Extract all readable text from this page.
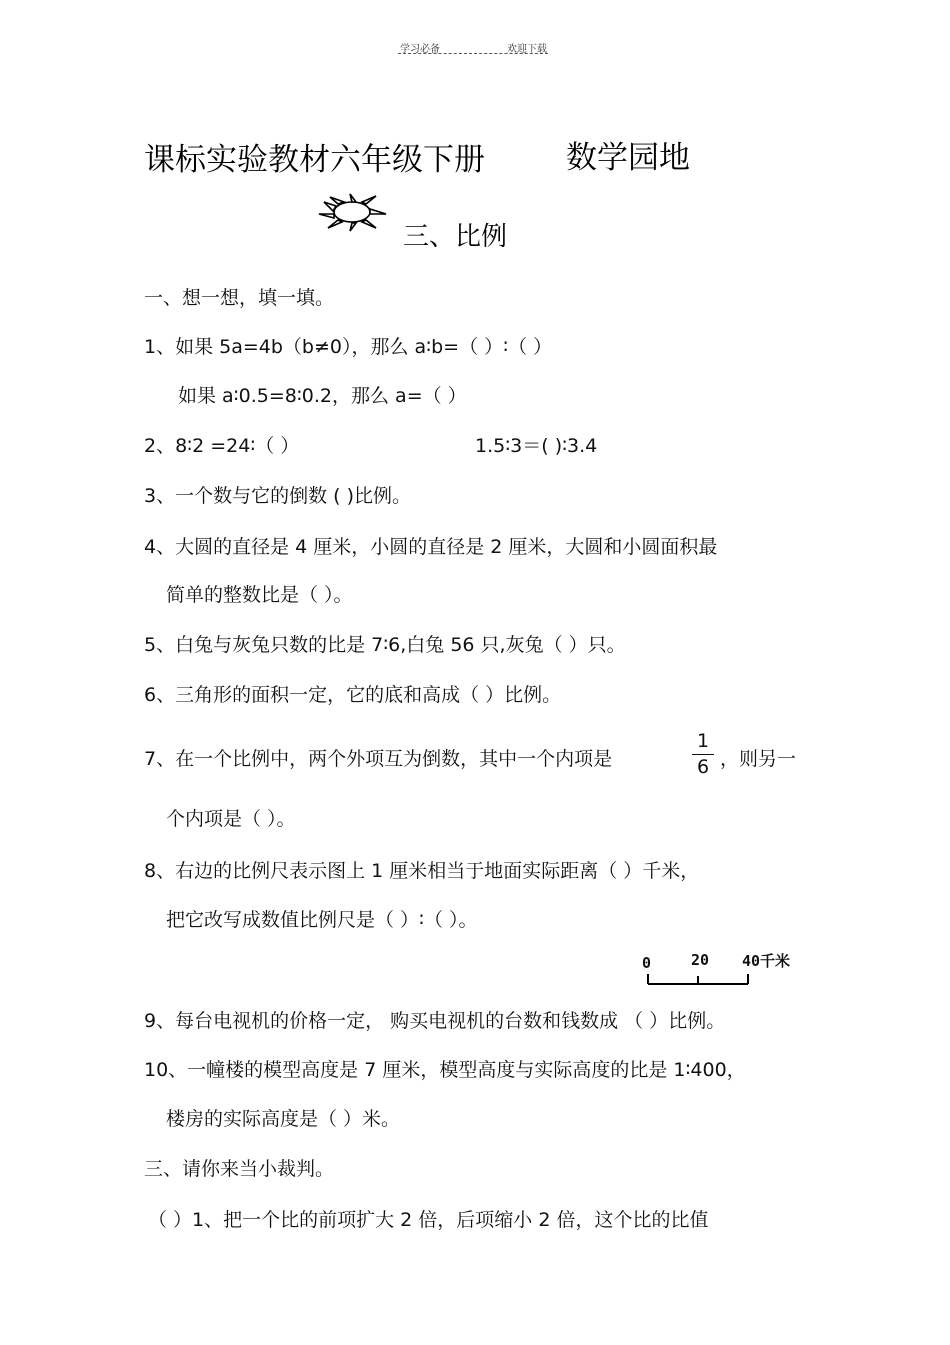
学习必备	欢迎下载
课标实验教材六年级下册	数学园地
三、比例
一、想一想，填一填。
1、如果 5a=4b（b≠0），那么 a∶b=（ ）∶（ ）
如果 a∶0.5=8∶0.2，那么 a=（ ）
2、8∶2 =24∶（ ）	1.5∶3＝( )∶3.4
3、一个数与它的倒数 ( )比例。
4、大圆的直径是 4 厘米，小圆的直径是 2 厘米，大圆和小圆面积最
简单的整数比是（ ）。
5、白兔与灰兔只数的比是 7∶6,白兔 56 只,灰兔（ ）只。
6、三角形的面积一定，它的底和高成（ ）比例。
7、在一个比例中，两个外项互为倒数，其中一个内项是
1
6 ，则另一
个内项是（ ）。
8、右边的比例尺表示图上 1 厘米相当于地面实际距离（ ）千米，
把它改写成数值比例尺是（ ）∶（ ）。
0	20 40千米
9、每台电视机的价格一定， 购买电视机的台数和钱数成 （ ）比例。
10、一幢楼的模型高度是 7 厘米，模型高度与实际高度的比是 1∶400，
楼房的实际高度是（ ）米。
三、请你来当小裁判。
（ ）1、把一个比的前项扩大 2 倍，后项缩小 2 倍，这个比的比值
